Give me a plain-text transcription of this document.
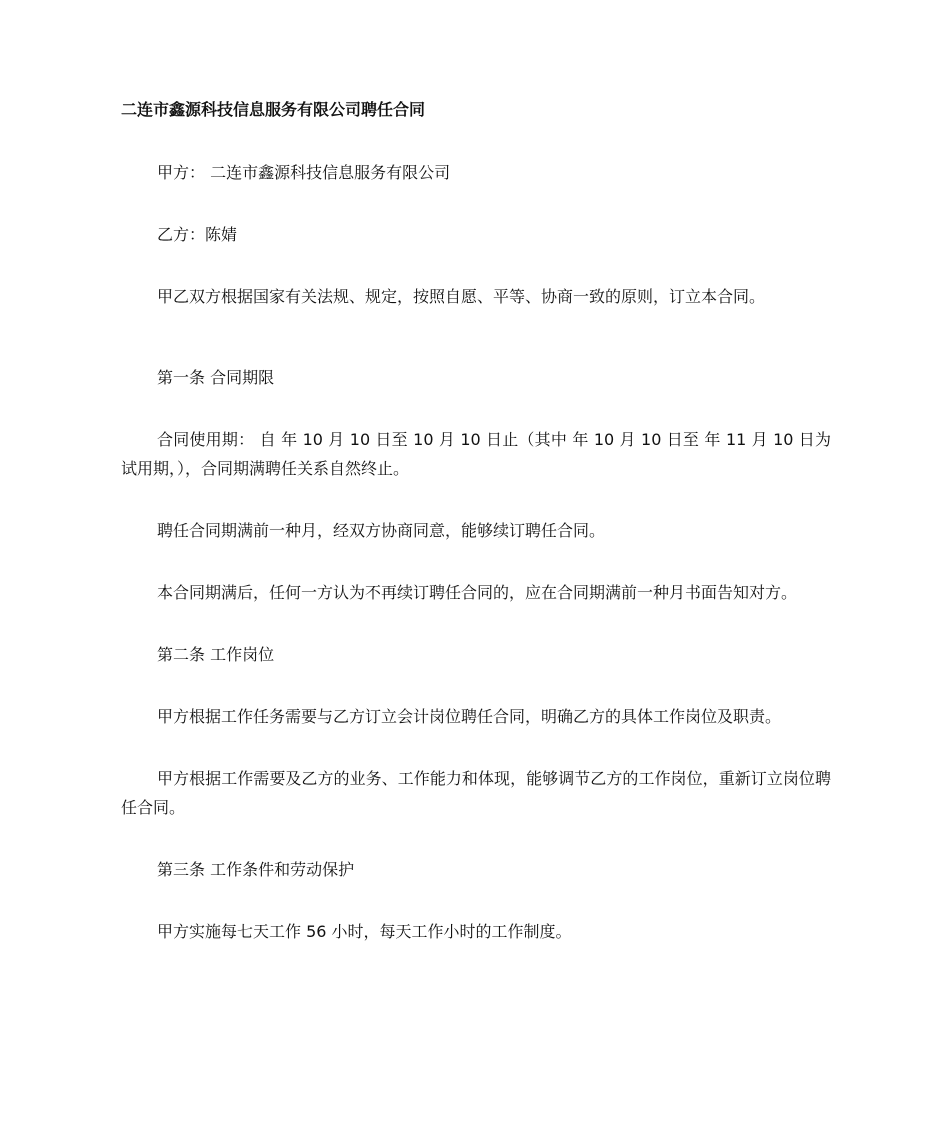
二连市鑫源科技信息服务有限公司聘任合同

甲方： 二连市鑫源科技信息服务有限公司

乙方：陈婧

甲乙双方根据国家有关法规、规定，按照自愿、平等、协商一致的原则，订立本合同。

第一条 合同期限

合同使用期： 自 年 10 月 10 日至 10 月 10 日止（其中 年 10 月 10 日至 年 11 月 10 日为试用期，），合同期满聘任关系自然终止。

聘任合同期满前一种月，经双方协商同意，能够续订聘任合同。

本合同期满后，任何一方认为不再续订聘任合同的，应在合同期满前一种月书面告知对方。

第二条 工作岗位

甲方根据工作任务需要与乙方订立会计岗位聘任合同，明确乙方的具体工作岗位及职责。

甲方根据工作需要及乙方的业务、工作能力和体现，能够调节乙方的工作岗位，重新订立岗位聘任合同。

第三条 工作条件和劳动保护

甲方实施每七天工作 56 小时，每天工作小时的工作制度。
